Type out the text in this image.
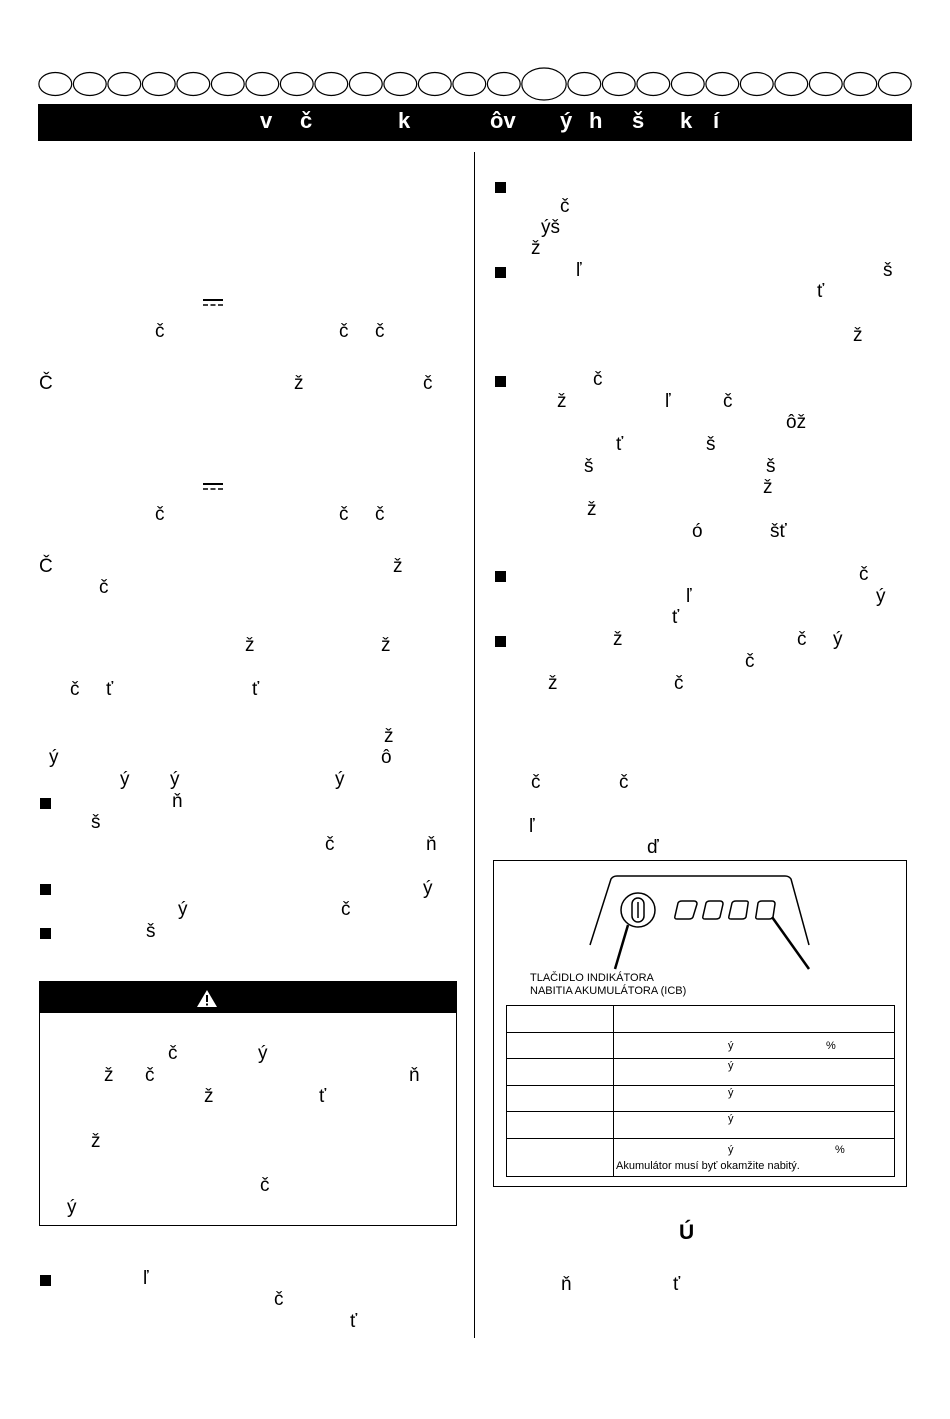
v č	k	ôv ý h š k í
č	č č
Č	ž	č
č	č č
Č	ž
č
ž	ž
č ť	ť
ž
ý	ô
ý ý	ý
ň
š
č	ň
ý
ý	č
š
č	ý
ž č	ň
ž	ť
ž
č
ý
ľ
č
ť
č
ýš
ž
ľ	š
ť
ž
č
ž	ľ	č
ôž
ť	š
š	š
ž
ž
ó	šť
č
ľ	ý
ť
ž	č ý
č
ž	č
č	č
ľ
ď
TLAČIDLO INDIKÁTORA
NABITIA AKUMULÁTORA (ICB)

	ý %

	ý

	ý

	ý

	ý %
Akumulátor musí byť okamžite nabitý.
Ú
ň	ť
